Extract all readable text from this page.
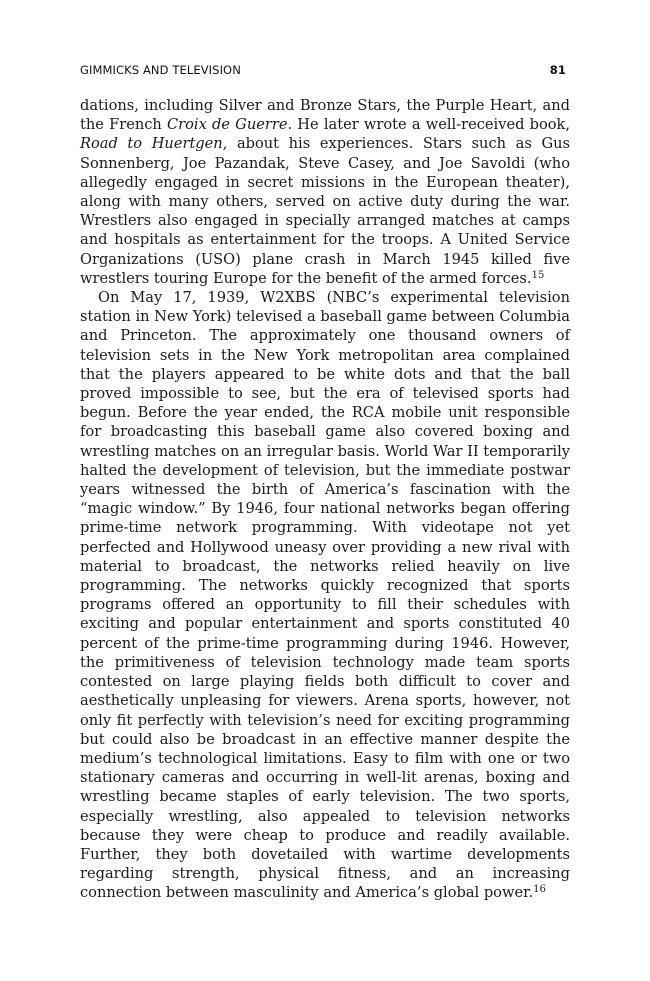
GIMMICKS AND TELEVISION	81

dations, including Silver and Bronze Stars, the Purple Heart, and the French Croix de Guerre. He later wrote a well-received book, Road to Huertgen, about his experiences. Stars such as Gus Sonnenberg, Joe Pazandak, Steve Casey, and Joe Savoldi (who allegedly engaged in secret missions in the European theater), along with many others, served on active duty during the war. Wrestlers also engaged in specially arranged matches at camps and hospitals as entertainment for the troops. A United Service Organizations (USO) plane crash in March 1945 killed five wrestlers touring Europe for the benefit of the armed forces.$^{15}$

On May 17, 1939, W2XBS (NBC’s experimental television station in New York) televised a baseball game between Columbia and Princeton. The approximately one thousand owners of television sets in the New York metropolitan area complained that the players appeared to be white dots and that the ball proved impossible to see, but the era of televised sports had begun. Before the year ended, the RCA mobile unit responsible for broadcasting this baseball game also covered boxing and wrestling matches on an irregular basis. World War II temporarily halted the development of television, but the immediate postwar years witnessed the birth of America’s fascination with the “magic window.” By 1946, four national networks began offering prime-time network programming. With videotape not yet perfected and Hollywood uneasy over providing a new rival with material to broadcast, the networks relied heavily on live programming. The networks quickly recognized that sports programs offered an opportunity to fill their schedules with exciting and popular entertainment and sports constituted 40 percent of the prime-time programming during 1946. However, the primitiveness of television technology made team sports contested on large playing fields both difficult to cover and aesthetically unpleasing for viewers. Arena sports, however, not only fit perfectly with television’s need for exciting programming but could also be broadcast in an effective manner despite the medium’s technological limitations. Easy to film with one or two stationary cameras and occurring in well-lit arenas, boxing and wrestling became staples of early television. The two sports, especially wrestling, also appealed to television networks because they were cheap to produce and readily available. Further, they both dovetailed with wartime developments regarding strength, physical fitness, and an increasing connection between masculinity and America’s global power.$^{16}$
